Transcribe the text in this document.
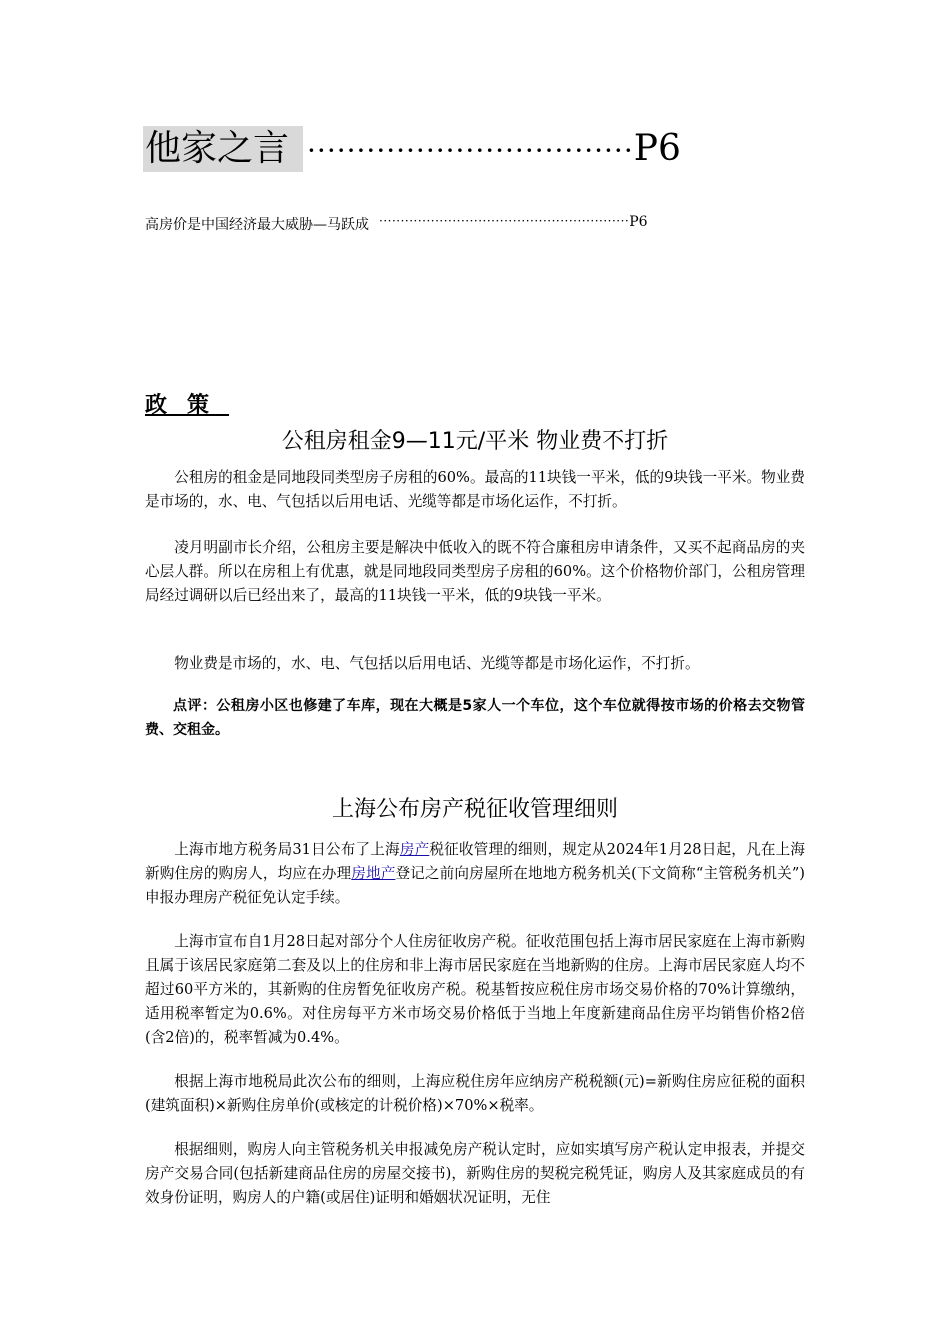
他家之言 ································· P6
高房价是中国经济最大威胁—马跃成 ·························································· P6
政策
公租房租金9—11元/平米 物业费不打折

公租房的租金是同地段同类型房子房租的60%。最高的11块钱一平米，低的9块钱一平米。物业费是市场的，水、电、气包括以后用电话、光缆等都是市场化运作，不打折。

凌月明副市长介绍，公租房主要是解决中低收入的既不符合廉租房申请条件，又买不起商品房的夹心层人群。所以在房租上有优惠，就是同地段同类型房子房租的60%。这个价格物价部门，公租房管理局经过调研以后已经出来了，最高的11块钱一平米，低的9块钱一平米。

物业费是市场的，水、电、气包括以后用电话、光缆等都是市场化运作，不打折。

点评：公租房小区也修建了车库，现在大概是5家人一个车位，这个车位就得按市场的价格去交物管费、交租金。

上海公布房产税征收管理细则

上海市地方税务局31日公布了上海房产税征收管理的细则，规定从2024年1月28日起，凡在上海新购住房的购房人，均应在办理房地产登记之前向房屋所在地地方税务机关(下文简称“主管税务机关”)申报办理房产税征免认定手续。

上海市宣布自1月28日起对部分个人住房征收房产税。征收范围包括上海市居民家庭在上海市新购且属于该居民家庭第二套及以上的住房和非上海市居民家庭在当地新购的住房。上海市居民家庭人均不超过60平方米的，其新购的住房暂免征收房产税。税基暂按应税住房市场交易价格的70%计算缴纳，适用税率暂定为0.6%。对住房每平方米市场交易价格低于当地上年度新建商品住房平均销售价格2倍(含2倍)的，税率暂减为0.4%。

根据上海市地税局此次公布的细则，上海应税住房年应纳房产税税额(元)=新购住房应征税的面积(建筑面积)×新购住房单价(或核定的计税价格)×70%×税率。

根据细则，购房人向主管税务机关申报减免房产税认定时，应如实填写房产税认定申报表，并提交房产交易合同(包括新建商品住房的房屋交接书)，新购住房的契税完税凭证，购房人及其家庭成员的有效身份证明，购房人的户籍(或居住)证明和婚姻状况证明，无住
